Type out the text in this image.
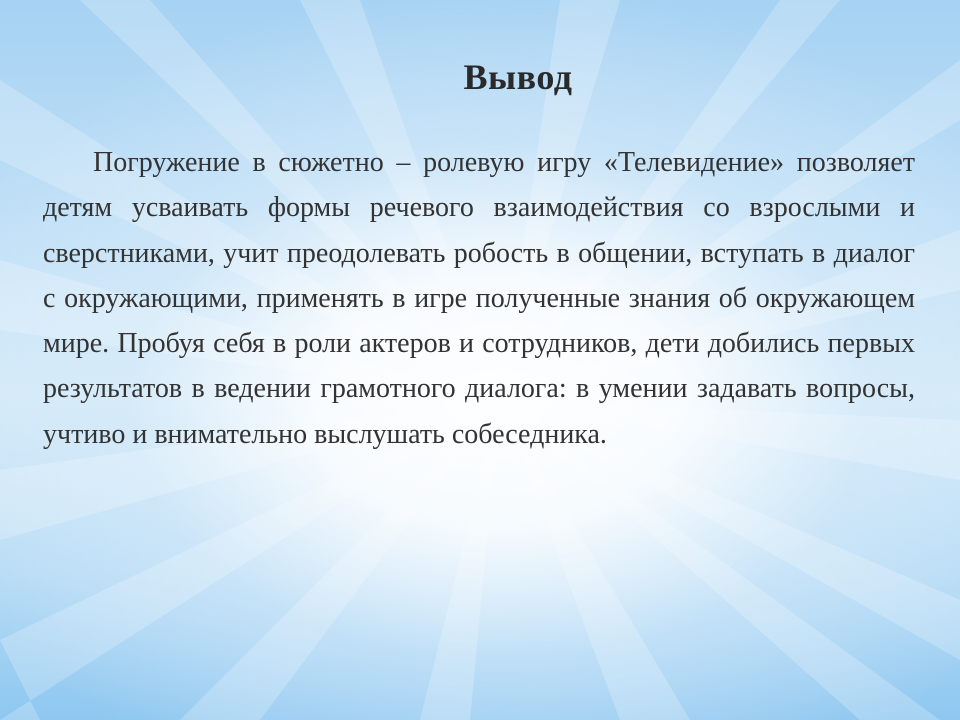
Вывод

Погружение в сюжетно – ролевую игру «Телевидение» позволяет детям усваивать формы речевого взаимодействия со взрослыми и сверстниками, учит преодолевать робость в общении, вступать в диалог с окружающими, применять в игре полученные знания об окружающем мире. Пробуя себя в роли актеров и сотрудников, дети добились первых результатов в ведении грамотного диалога: в умении задавать вопросы, учтиво и внимательно выслушать собеседника.
